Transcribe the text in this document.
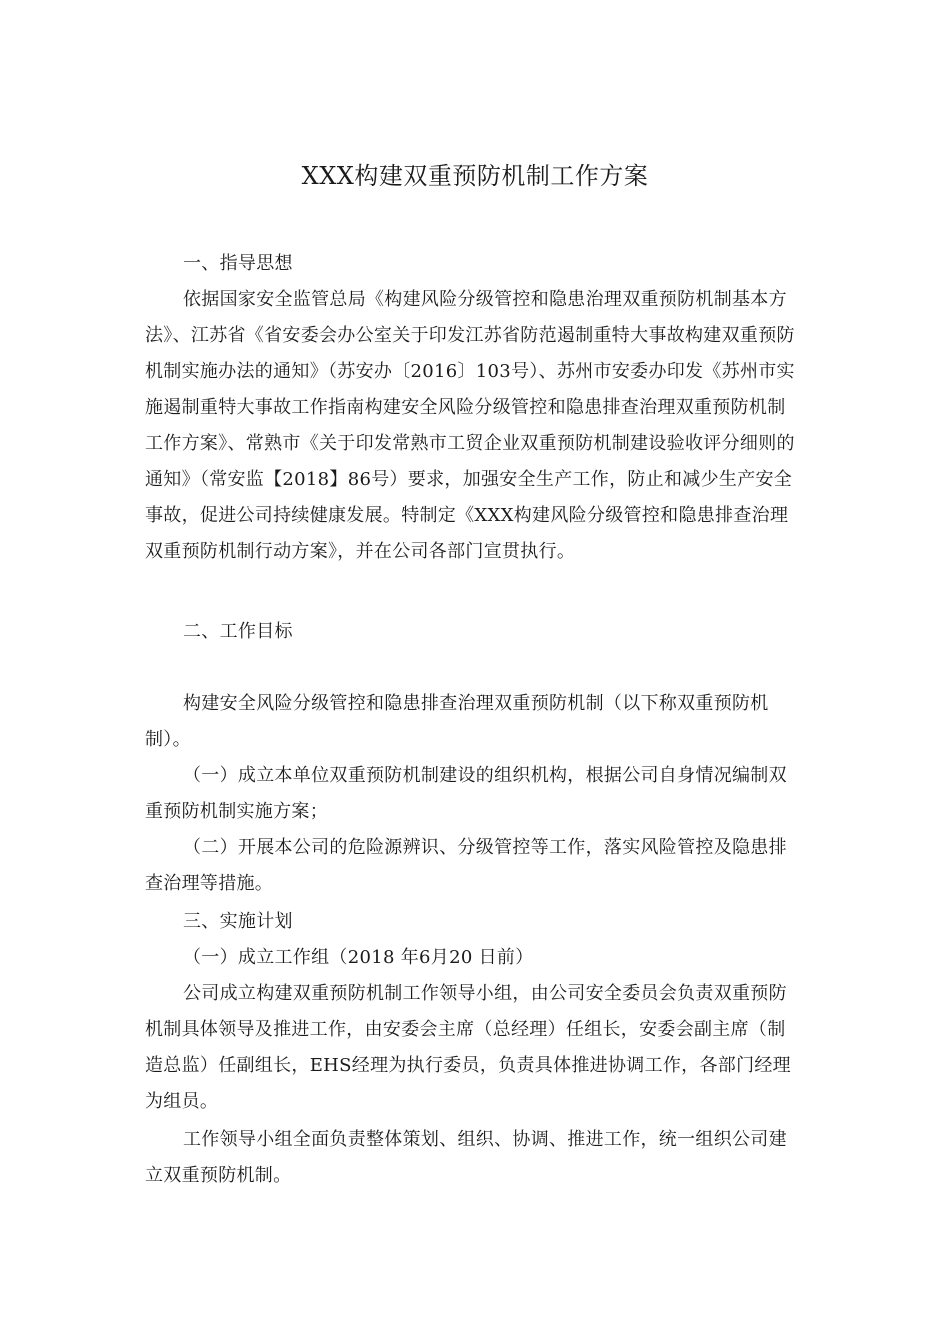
XXX构建双重预防机制工作方案

一、指导思想

依据国家安全监管总局《构建风险分级管控和隐患治理双重预防机制基本方法》、江苏省《省安委会办公室关于印发江苏省防范遏制重特大事故构建双重预防机制实施办法的通知》（苏安办〔2016〕103号）、苏州市安委办印发《苏州市实施遏制重特大事故工作指南构建安全风险分级管控和隐患排查治理双重预防机制工作方案》、常熟市《关于印发常熟市工贸企业双重预防机制建设验收评分细则的通知》（常安监【2018】86号）要求，加强安全生产工作，防止和减少生产安全事故，促进公司持续健康发展。特制定《XXX构建风险分级管控和隐患排查治理双重预防机制行动方案》，并在公司各部门宣贯执行。

二、工作目标

构建安全风险分级管控和隐患排查治理双重预防机制（以下称双重预防机制）。

（一）成立本单位双重预防机制建设的组织机构，根据公司自身情况编制双重预防机制实施方案；

（二）开展本公司的危险源辨识、分级管控等工作，落实风险管控及隐患排查治理等措施。

三、实施计划

（一）成立工作组（2018 年6月20 日前）

公司成立构建双重预防机制工作领导小组，由公司安全委员会负责双重预防机制具体领导及推进工作，由安委会主席（总经理）任组长，安委会副主席（制造总监）任副组长，EHS经理为执行委员，负责具体推进协调工作，各部门经理为组员。

工作领导小组全面负责整体策划、组织、协调、推进工作，统一组织公司建立双重预防机制。
